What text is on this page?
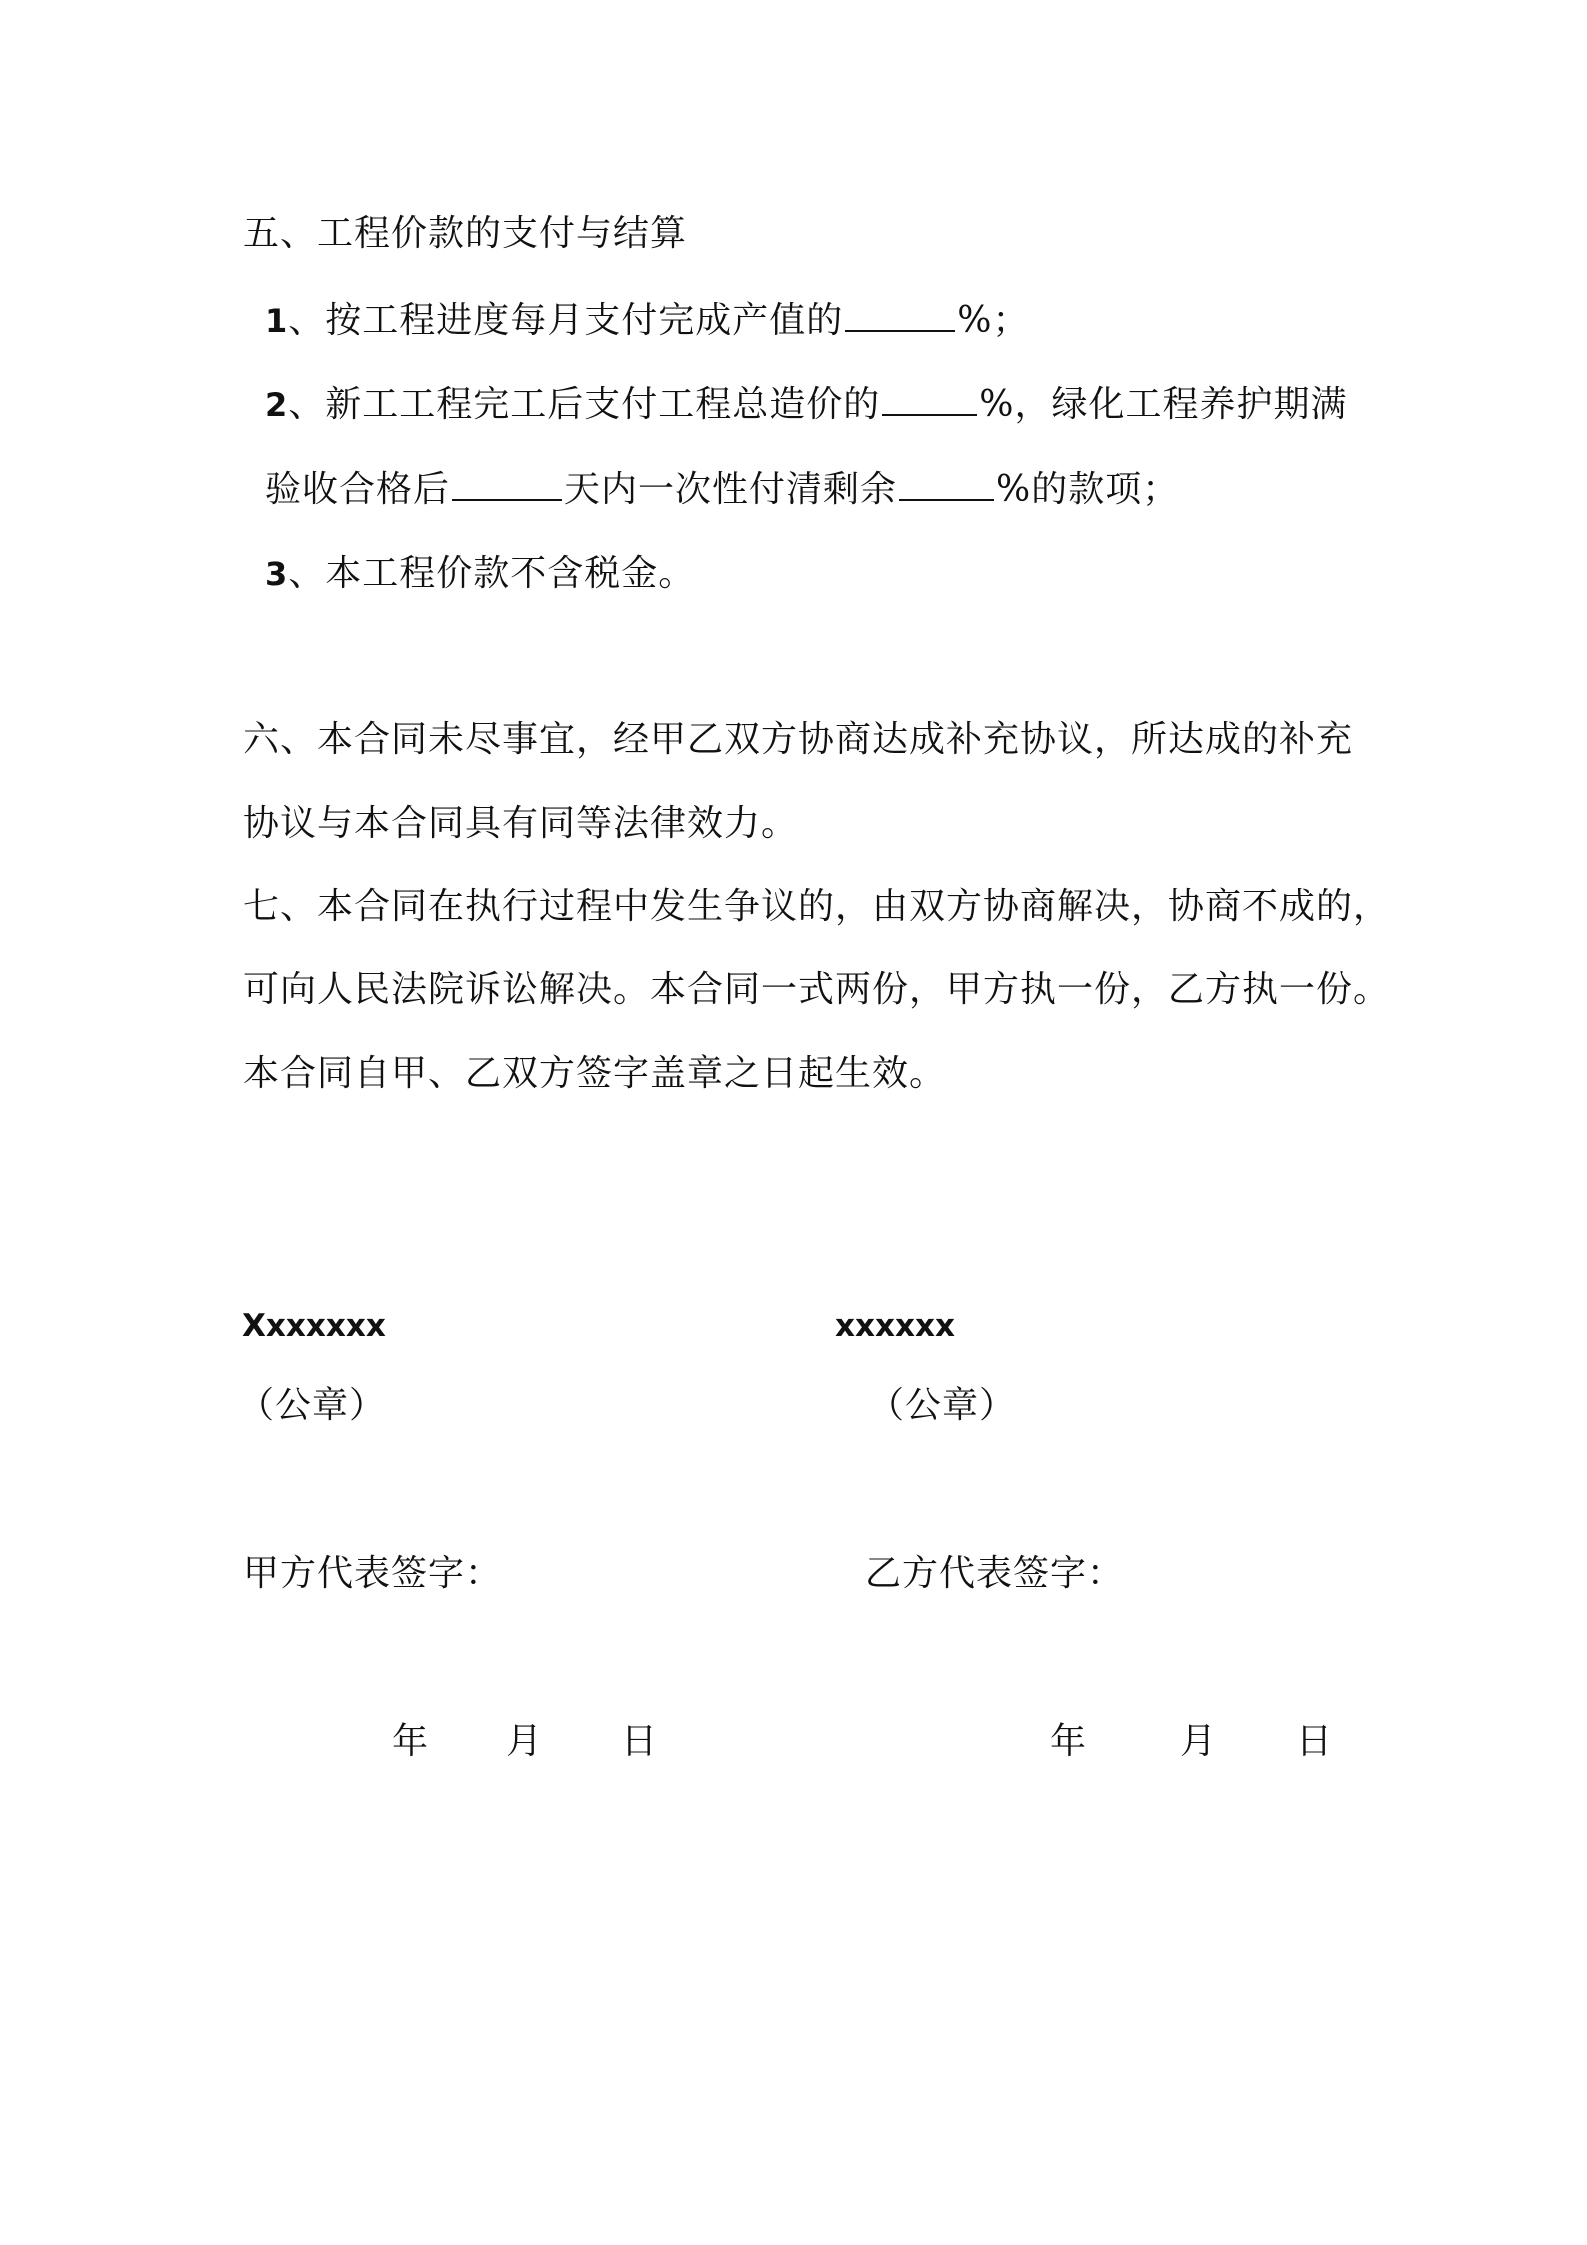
五、工程价款的支付与结算
1、按工程进度每月支付完成产值的	%；
2、新工工程完工后支付工程总造价的	%，绿化工程养护期满
验收合格后	天内一次性付清剩余	%的款项；
3、本工程价款不含税金。
六、本合同未尽事宜，经甲乙双方协商达成补充协议，所达成的补充
协议与本合同具有同等法律效力。
七、本合同在执行过程中发生争议的，由双方协商解决，协商不成的，
可向人民法院诉讼解决。本合同一式两份，甲方执一份，乙方执一份。
本合同自甲、乙双方签字盖章之日起生效。
Xxxxxxx
（公章）
甲方代表签字：
年 月 日
xxxxxx
（公章）
乙方代表签字：
年	月 日
